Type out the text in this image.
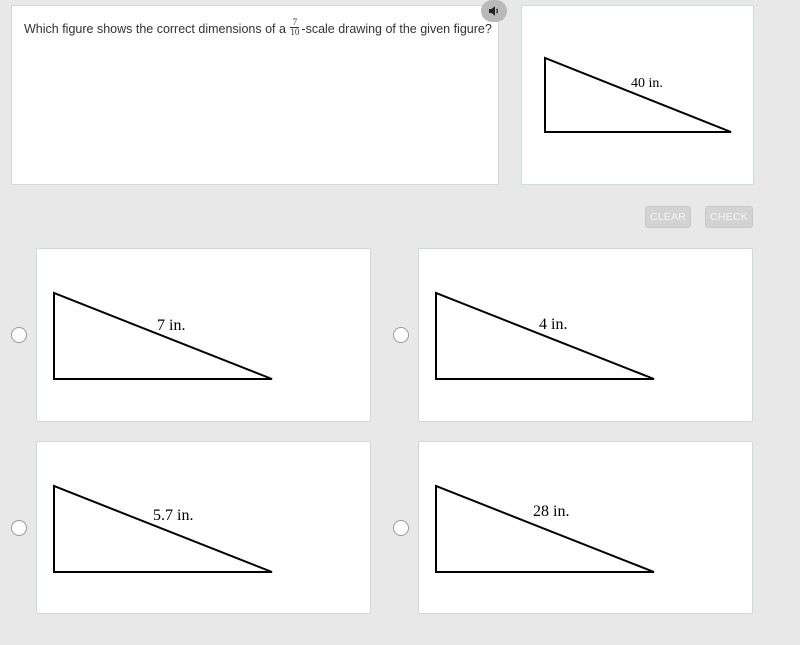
Which figure shows the correct dimensions of a $\frac{7}{10}$ -scale drawing of the given figure?
40 in.
CLEAR	CHECK
7 in.	4 in.
5.7 in.	28 in.
